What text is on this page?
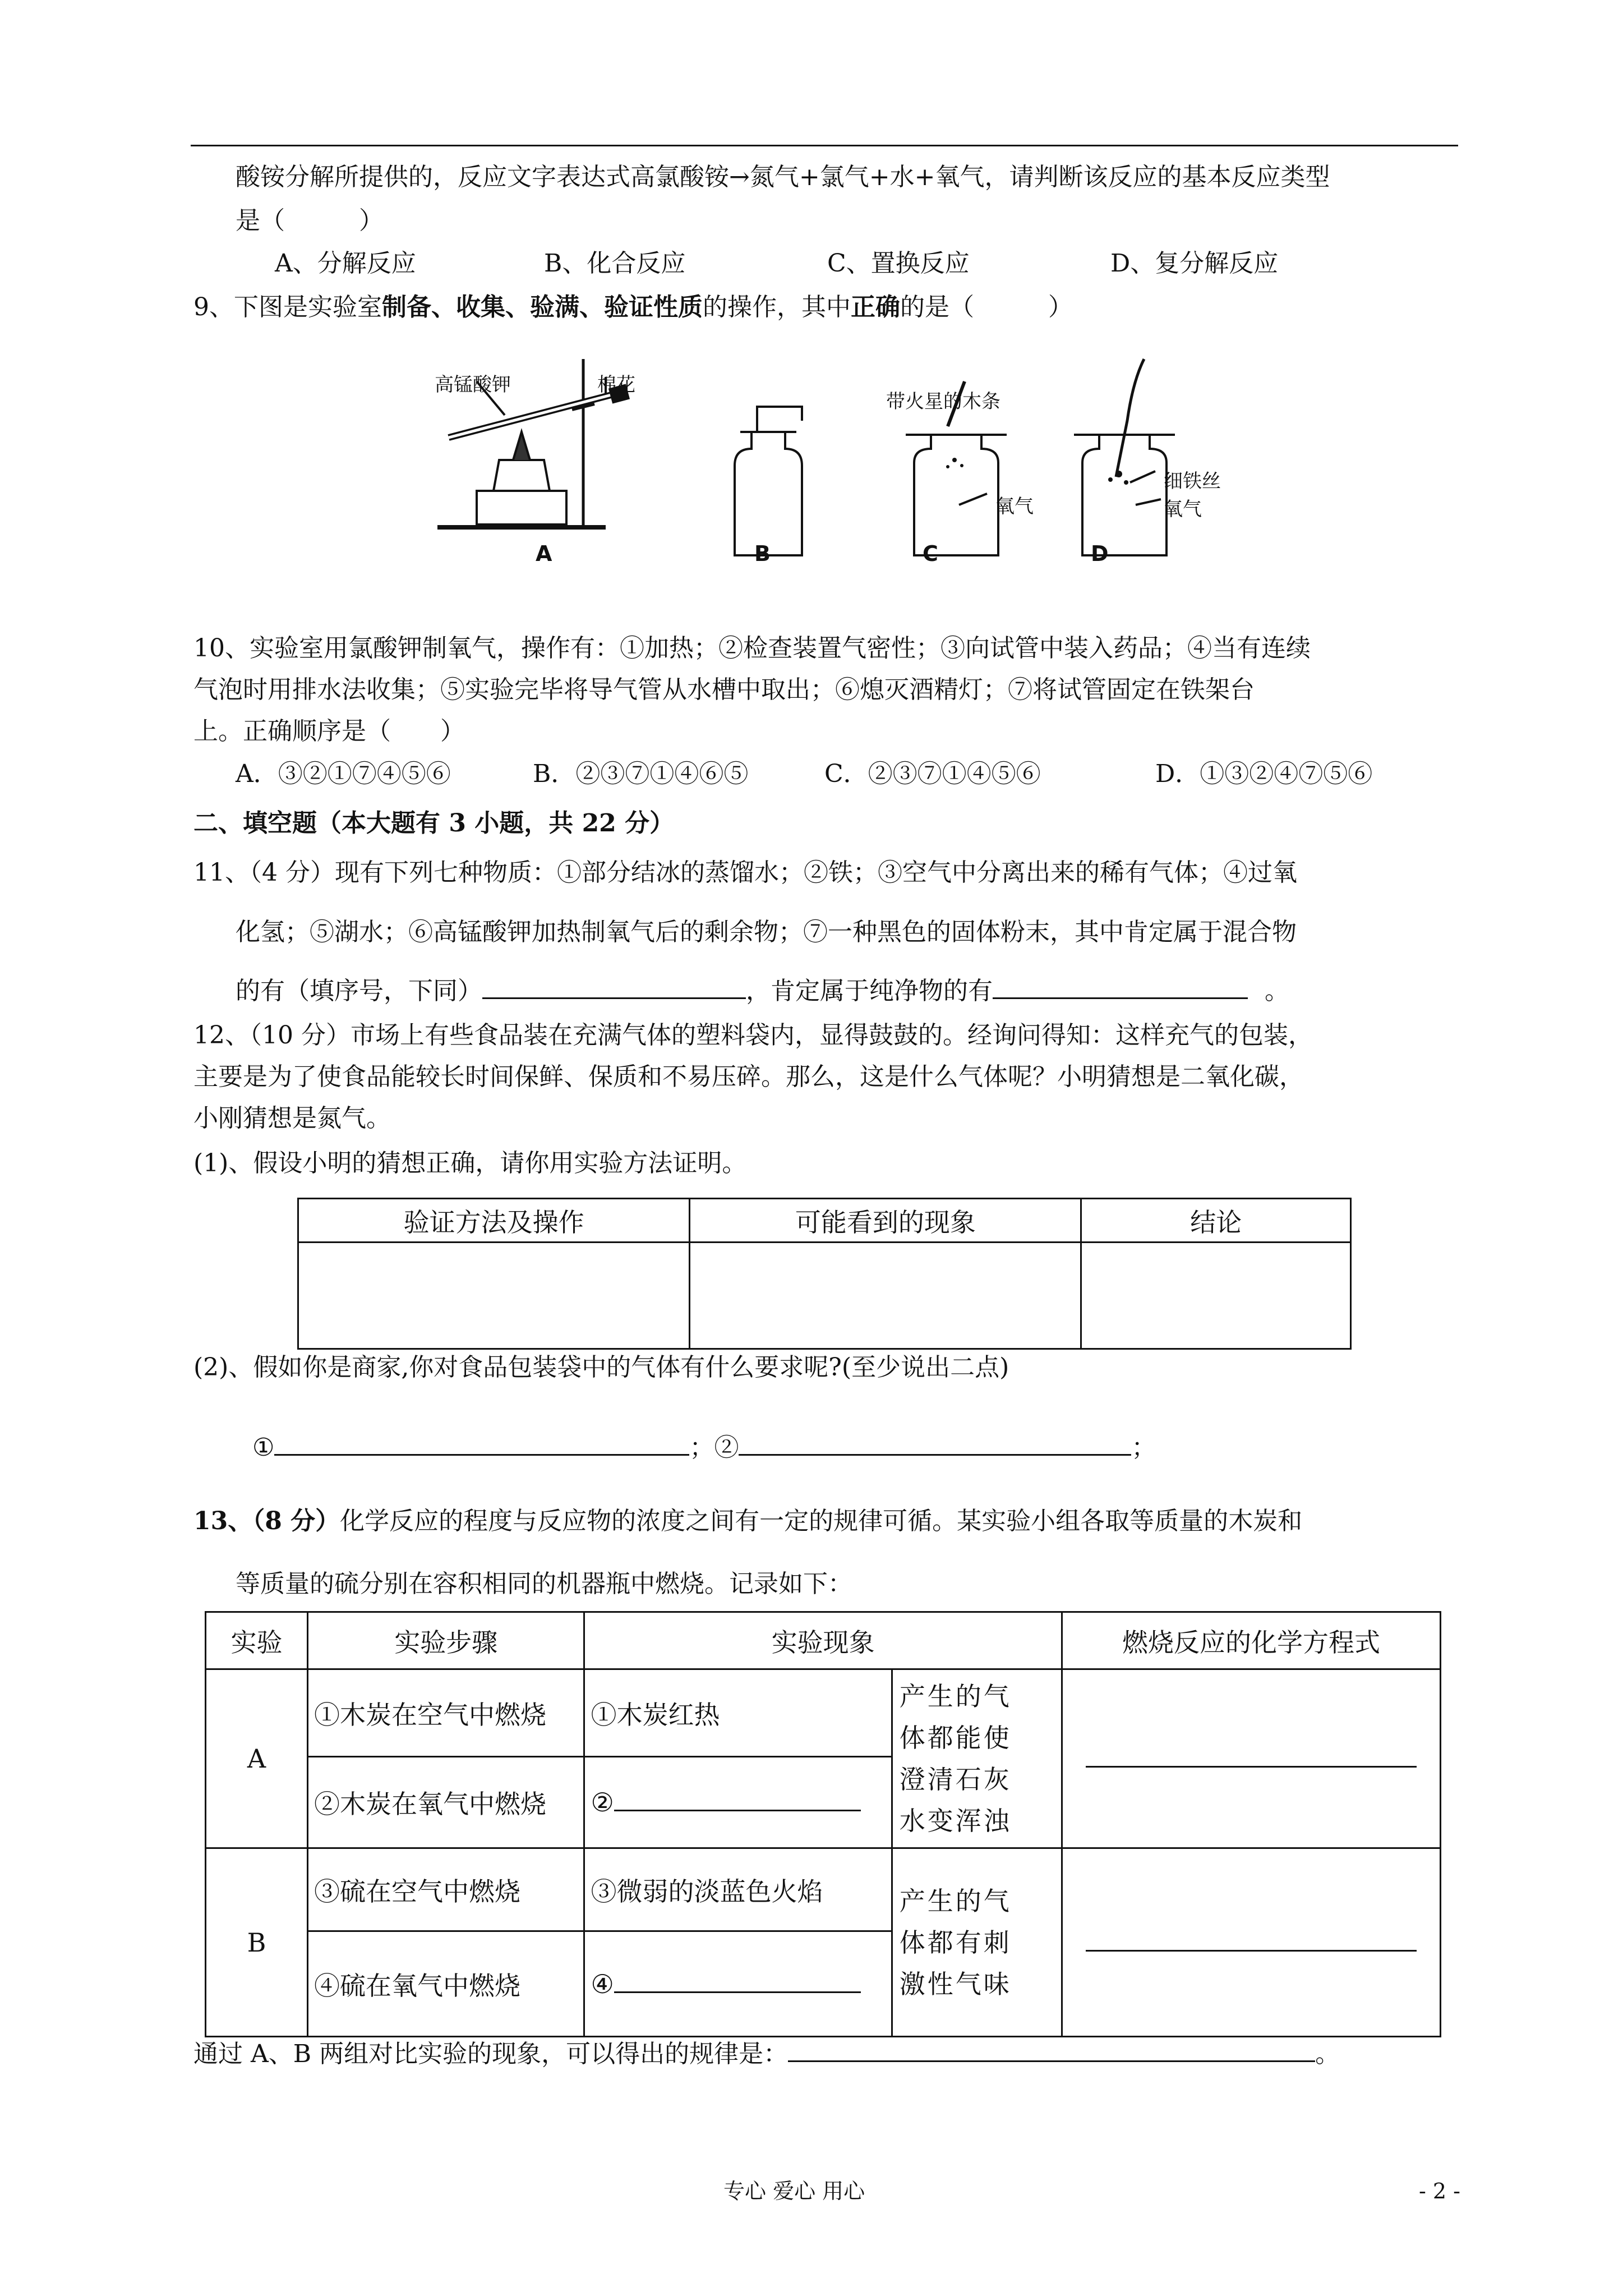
酸铵分解所提供的，反应文字表达式高氯酸铵→氮气+氯气+水+氧气，请判断该反应的基本反应类型
是（　　　）
A、分解反应	B、化合反应	C、置换反应	D、复分解反应
9、下图是实验室制备、收集、验满、验证性质的操作，其中正确的是（　　　）
高锰酸钾	棉花
带火星的木条
氧气
细铁丝
氧气
A	B	C	D
10、实验室用氯酸钾制氧气，操作有：①加热；②检查装置气密性；③向试管中装入药品；④当有连续
气泡时用排水法收集；⑤实验完毕将导气管从水槽中取出；⑥熄灭酒精灯；⑦将试管固定在铁架台
上。正确顺序是（　　）
A．③②①⑦④⑤⑥	B．②③⑦①④⑥⑤	C．②③⑦①④⑤⑥	D．①③②④⑦⑤⑥
二、填空题（本大题有 3 小题，共 22 分）
11、（4 分）现有下列七种物质：①部分结冰的蒸馏水；②铁；③空气中分离出来的稀有气体；④过氧
化氢；⑤湖水；⑥高锰酸钾加热制氧气后的剩余物；⑦一种黑色的固体粉末，其中肯定属于混合物
的有（填序号，下同）	，肯定属于纯净物的有	。
12、（10 分）市场上有些食品装在充满气体的塑料袋内，显得鼓鼓的。经询问得知：这样充气的包装，
主要是为了使食品能较长时间保鲜、保质和不易压碎。那么，这是什么气体呢？小明猜想是二氧化碳，
小刚猜想是氮气。
(1)、假设小明的猜想正确，请你用实验方法证明。
验证方法及操作	可能看到的现象	结论

(2)、假如你是商家,你对食品包装袋中的气体有什么要求呢?(至少说出二点)
①	；②	；
13、（8 分）化学反应的程度与反应物的浓度之间有一定的规律可循。某实验小组各取等质量的木炭和
等质量的硫分别在容积相同的机器瓶中燃烧。记录如下：
实验	实验步骤	实验现象		燃烧反应的化学方程式
A	①木炭在空气中燃烧	①木炭红热	产生的气
体都能使
澄清石灰
水变浑浊	

	②木炭在氧气中燃烧	②		
B	③硫在空气中燃烧	③微弱的淡蓝色火焰	产生的气
体都有刺
激性气味	

	④硫在氧气中燃烧	④		
通过 A、B 两组对比实验的现象，可以得出的规律是：	。
专心 爱心 用心	- 2 -
